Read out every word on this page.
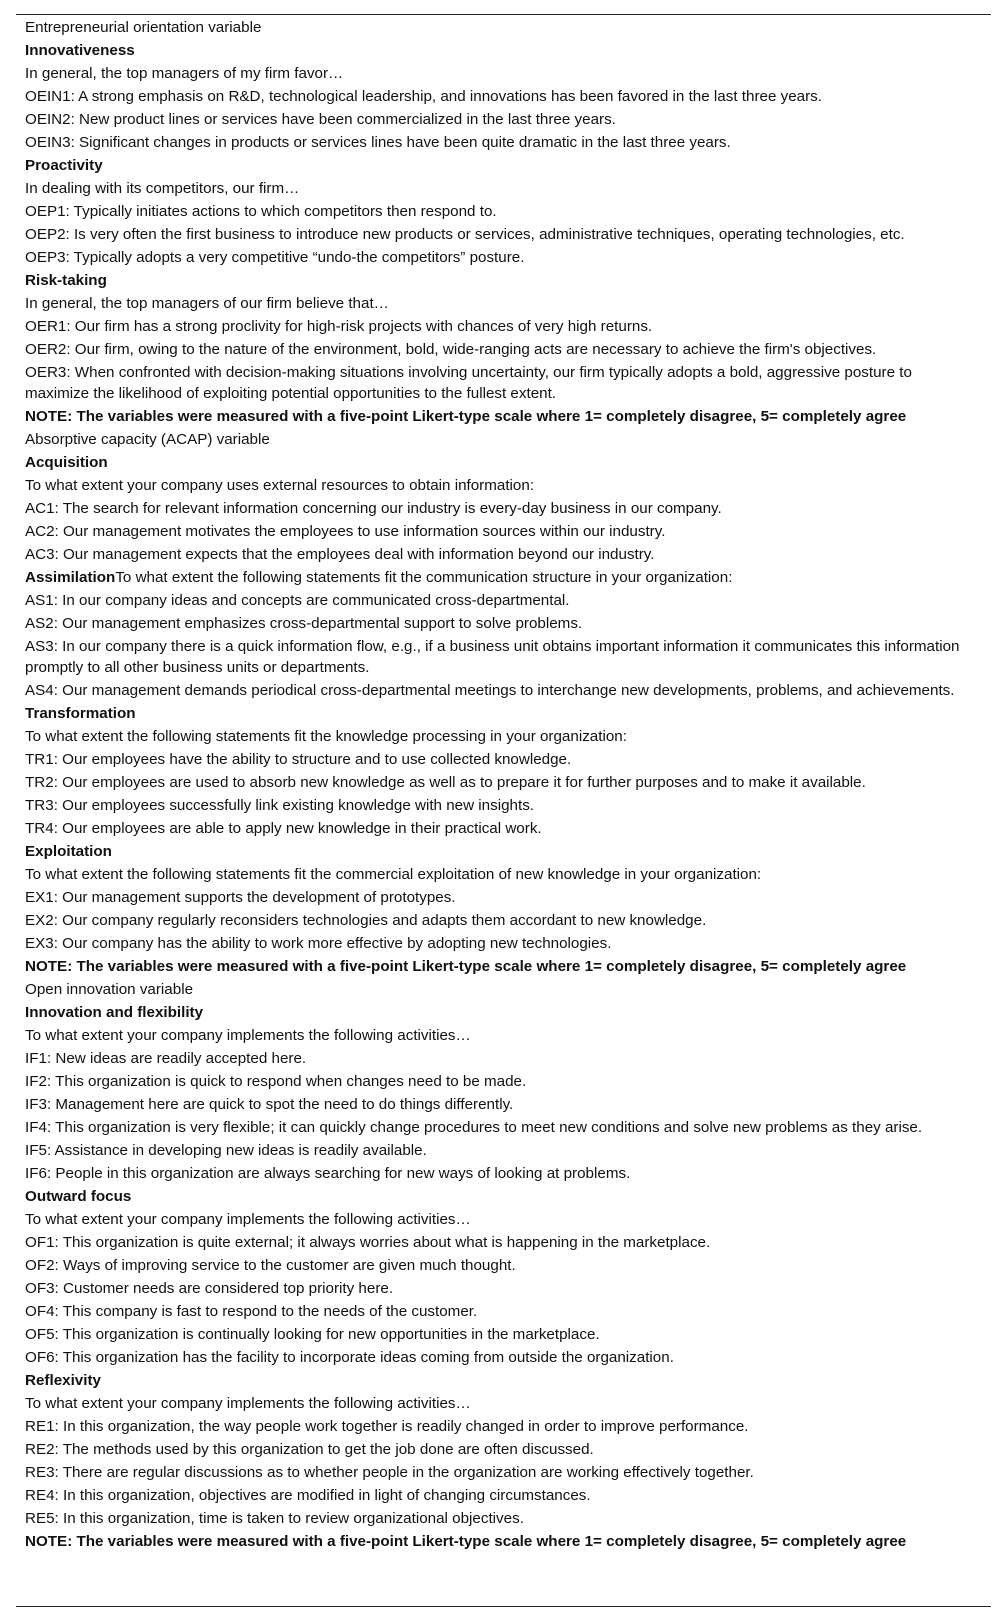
Entrepreneurial orientation variable
Innovativeness
In general, the top managers of my firm favor…
OEIN1: A strong emphasis on R&D, technological leadership, and innovations has been favored in the last three years.
OEIN2: New product lines or services have been commercialized in the last three years.
OEIN3: Significant changes in products or services lines have been quite dramatic in the last three years.
Proactivity
In dealing with its competitors, our firm…
OEP1: Typically initiates actions to which competitors then respond to.
OEP2: Is very often the first business to introduce new products or services, administrative techniques, operating technologies, etc.
OEP3: Typically adopts a very competitive “undo-the competitors” posture.
Risk-taking
In general, the top managers of our firm believe that…
OER1: Our firm has a strong proclivity for high-risk projects with chances of very high returns.
OER2: Our firm, owing to the nature of the environment, bold, wide-ranging acts are necessary to achieve the firm's objectives.
OER3: When confronted with decision-making situations involving uncertainty, our firm typically adopts a bold, aggressive posture to maximize the likelihood of exploiting potential opportunities to the fullest extent.
NOTE: The variables were measured with a five-point Likert-type scale where 1= completely disagree, 5= completely agree
Absorptive capacity (ACAP) variable
Acquisition
To what extent your company uses external resources to obtain information:
AC1: The search for relevant information concerning our industry is every-day business in our company.
AC2: Our management motivates the employees to use information sources within our industry.
AC3: Our management expects that the employees deal with information beyond our industry.
AssimilationTo what extent the following statements fit the communication structure in your organization:
AS1: In our company ideas and concepts are communicated cross-departmental.
AS2: Our management emphasizes cross-departmental support to solve problems.
AS3: In our company there is a quick information flow, e.g., if a business unit obtains important information it communicates this information promptly to all other business units or departments.
AS4: Our management demands periodical cross-departmental meetings to interchange new developments, problems, and achievements.
Transformation
To what extent the following statements fit the knowledge processing in your organization:
TR1: Our employees have the ability to structure and to use collected knowledge.
TR2: Our employees are used to absorb new knowledge as well as to prepare it for further purposes and to make it available.
TR3: Our employees successfully link existing knowledge with new insights.
TR4: Our employees are able to apply new knowledge in their practical work.
Exploitation
To what extent the following statements fit the commercial exploitation of new knowledge in your organization:
EX1: Our management supports the development of prototypes.
EX2: Our company regularly reconsiders technologies and adapts them accordant to new knowledge.
EX3: Our company has the ability to work more effective by adopting new technologies.
NOTE: The variables were measured with a five-point Likert-type scale where 1= completely disagree, 5= completely agree
Open innovation variable
Innovation and flexibility
To what extent your company implements the following activities…
IF1: New ideas are readily accepted here.
IF2: This organization is quick to respond when changes need to be made.
IF3: Management here are quick to spot the need to do things differently.
IF4: This organization is very flexible; it can quickly change procedures to meet new conditions and solve new problems as they arise.
IF5: Assistance in developing new ideas is readily available.
IF6: People in this organization are always searching for new ways of looking at problems.
Outward focus
To what extent your company implements the following activities…
OF1: This organization is quite external; it always worries about what is happening in the marketplace.
OF2: Ways of improving service to the customer are given much thought.
OF3: Customer needs are considered top priority here.
OF4: This company is fast to respond to the needs of the customer.
OF5: This organization is continually looking for new opportunities in the marketplace.
OF6: This organization has the facility to incorporate ideas coming from outside the organization.
Reflexivity
To what extent your company implements the following activities…
RE1: In this organization, the way people work together is readily changed in order to improve performance.
RE2: The methods used by this organization to get the job done are often discussed.
RE3: There are regular discussions as to whether people in the organization are working effectively together.
RE4: In this organization, objectives are modified in light of changing circumstances.
RE5: In this organization, time is taken to review organizational objectives.
NOTE: The variables were measured with a five-point Likert-type scale where 1= completely disagree, 5= completely agree
